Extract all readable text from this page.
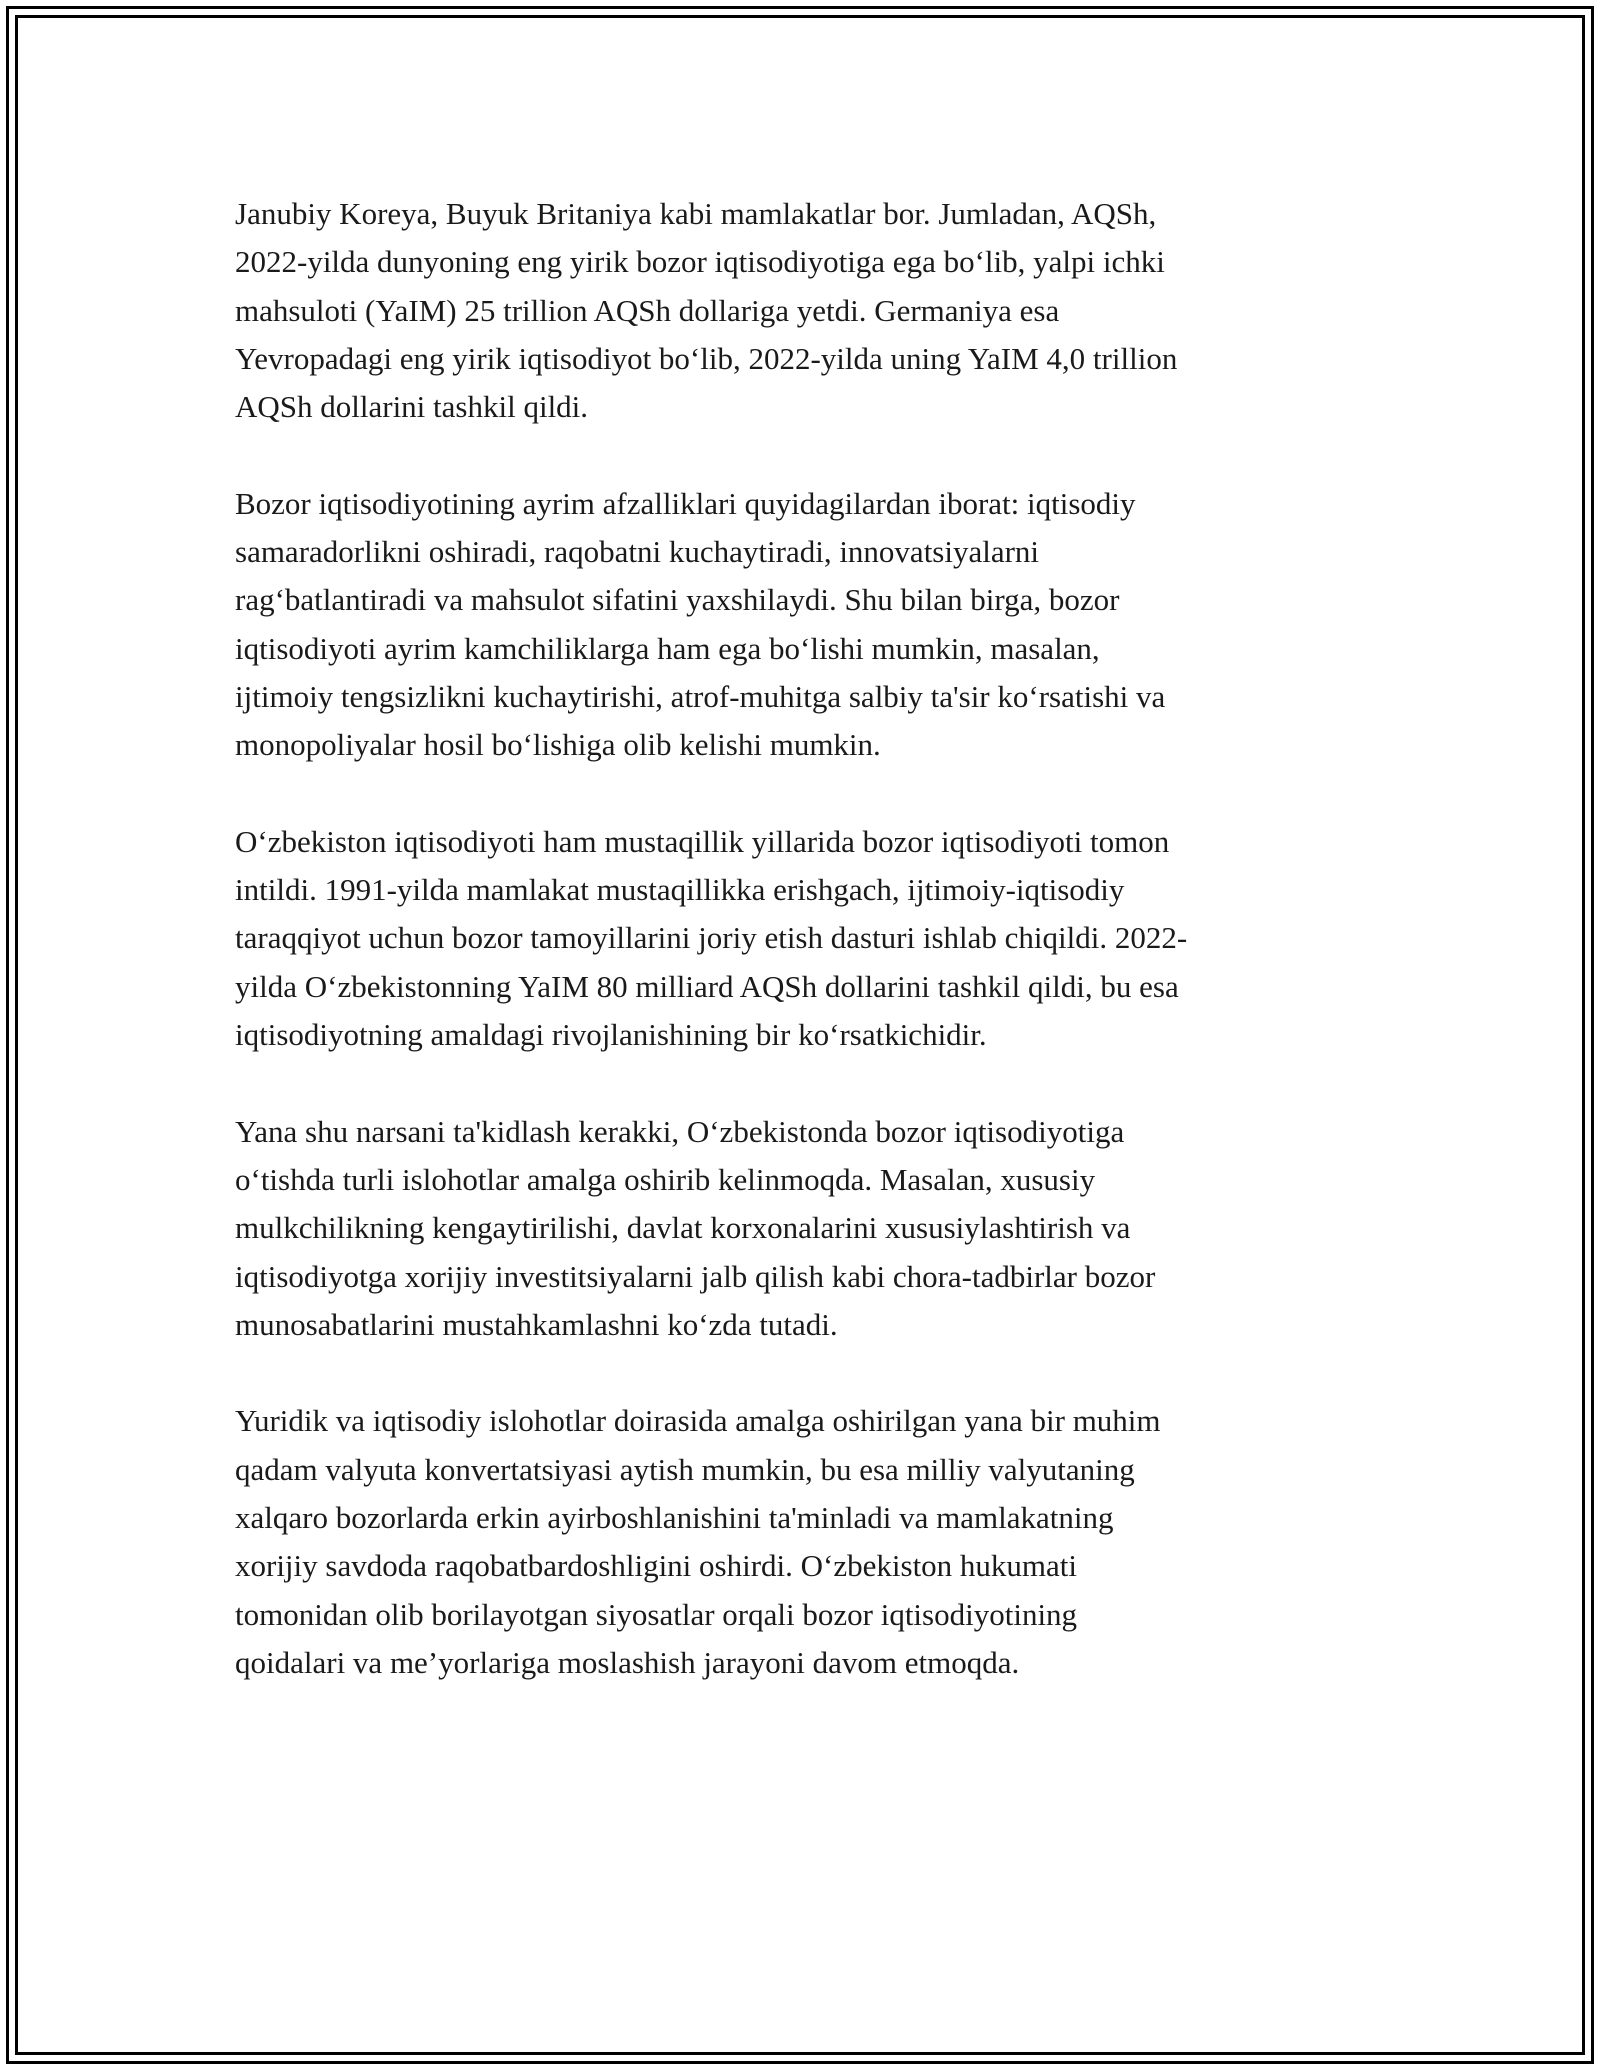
Janubiy Koreya, Buyuk Britaniya kabi mamlakatlar bor. Jumladan, AQSh,
2022-yilda dunyoning eng yirik bozor iqtisodiyotiga ega bo‘lib, yalpi ichki
mahsuloti (YaIM) 25 trillion AQSh dollariga yetdi. Germaniya esa
Yevropadagi eng yirik iqtisodiyot bo‘lib, 2022-yilda uning YaIM 4,0 trillion
AQSh dollarini tashkil qildi.

Bozor iqtisodiyotining ayrim afzalliklari quyidagilardan iborat: iqtisodiy
samaradorlikni oshiradi, raqobatni kuchaytiradi, innovatsiyalarni
rag‘batlantiradi va mahsulot sifatini yaxshilaydi. Shu bilan birga, bozor
iqtisodiyoti ayrim kamchiliklarga ham ega bo‘lishi mumkin, masalan,
ijtimoiy tengsizlikni kuchaytirishi, atrof-muhitga salbiy ta'sir ko‘rsatishi va
monopoliyalar hosil bo‘lishiga olib kelishi mumkin.

O‘zbekiston iqtisodiyoti ham mustaqillik yillarida bozor iqtisodiyoti tomon
intildi. 1991-yilda mamlakat mustaqillikka erishgach, ijtimoiy-iqtisodiy
taraqqiyot uchun bozor tamoyillarini joriy etish dasturi ishlab chiqildi. 2022-
yilda O‘zbekistonning YaIM 80 milliard AQSh dollarini tashkil qildi, bu esa
iqtisodiyotning amaldagi rivojlanishining bir ko‘rsatkichidir.

Yana shu narsani ta'kidlash kerakki, O‘zbekistonda bozor iqtisodiyotiga
o‘tishda turli islohotlar amalga oshirib kelinmoqda. Masalan, xususiy
mulkchilikning kengaytirilishi, davlat korxonalarini xususiylashtirish va
iqtisodiyotga xorijiy investitsiyalarni jalb qilish kabi chora-tadbirlar bozor
munosabatlarini mustahkamlashni ko‘zda tutadi.

Yuridik va iqtisodiy islohotlar doirasida amalga oshirilgan yana bir muhim
qadam valyuta konvertatsiyasi aytish mumkin, bu esa milliy valyutaning
xalqaro bozorlarda erkin ayirboshlanishini ta'minladi va mamlakatning
xorijiy savdoda raqobatbardoshligini oshirdi. O‘zbekiston hukumati
tomonidan olib borilayotgan siyosatlar orqali bozor iqtisodiyotining
qoidalari va me’yorlariga moslashish jarayoni davom etmoqda.
